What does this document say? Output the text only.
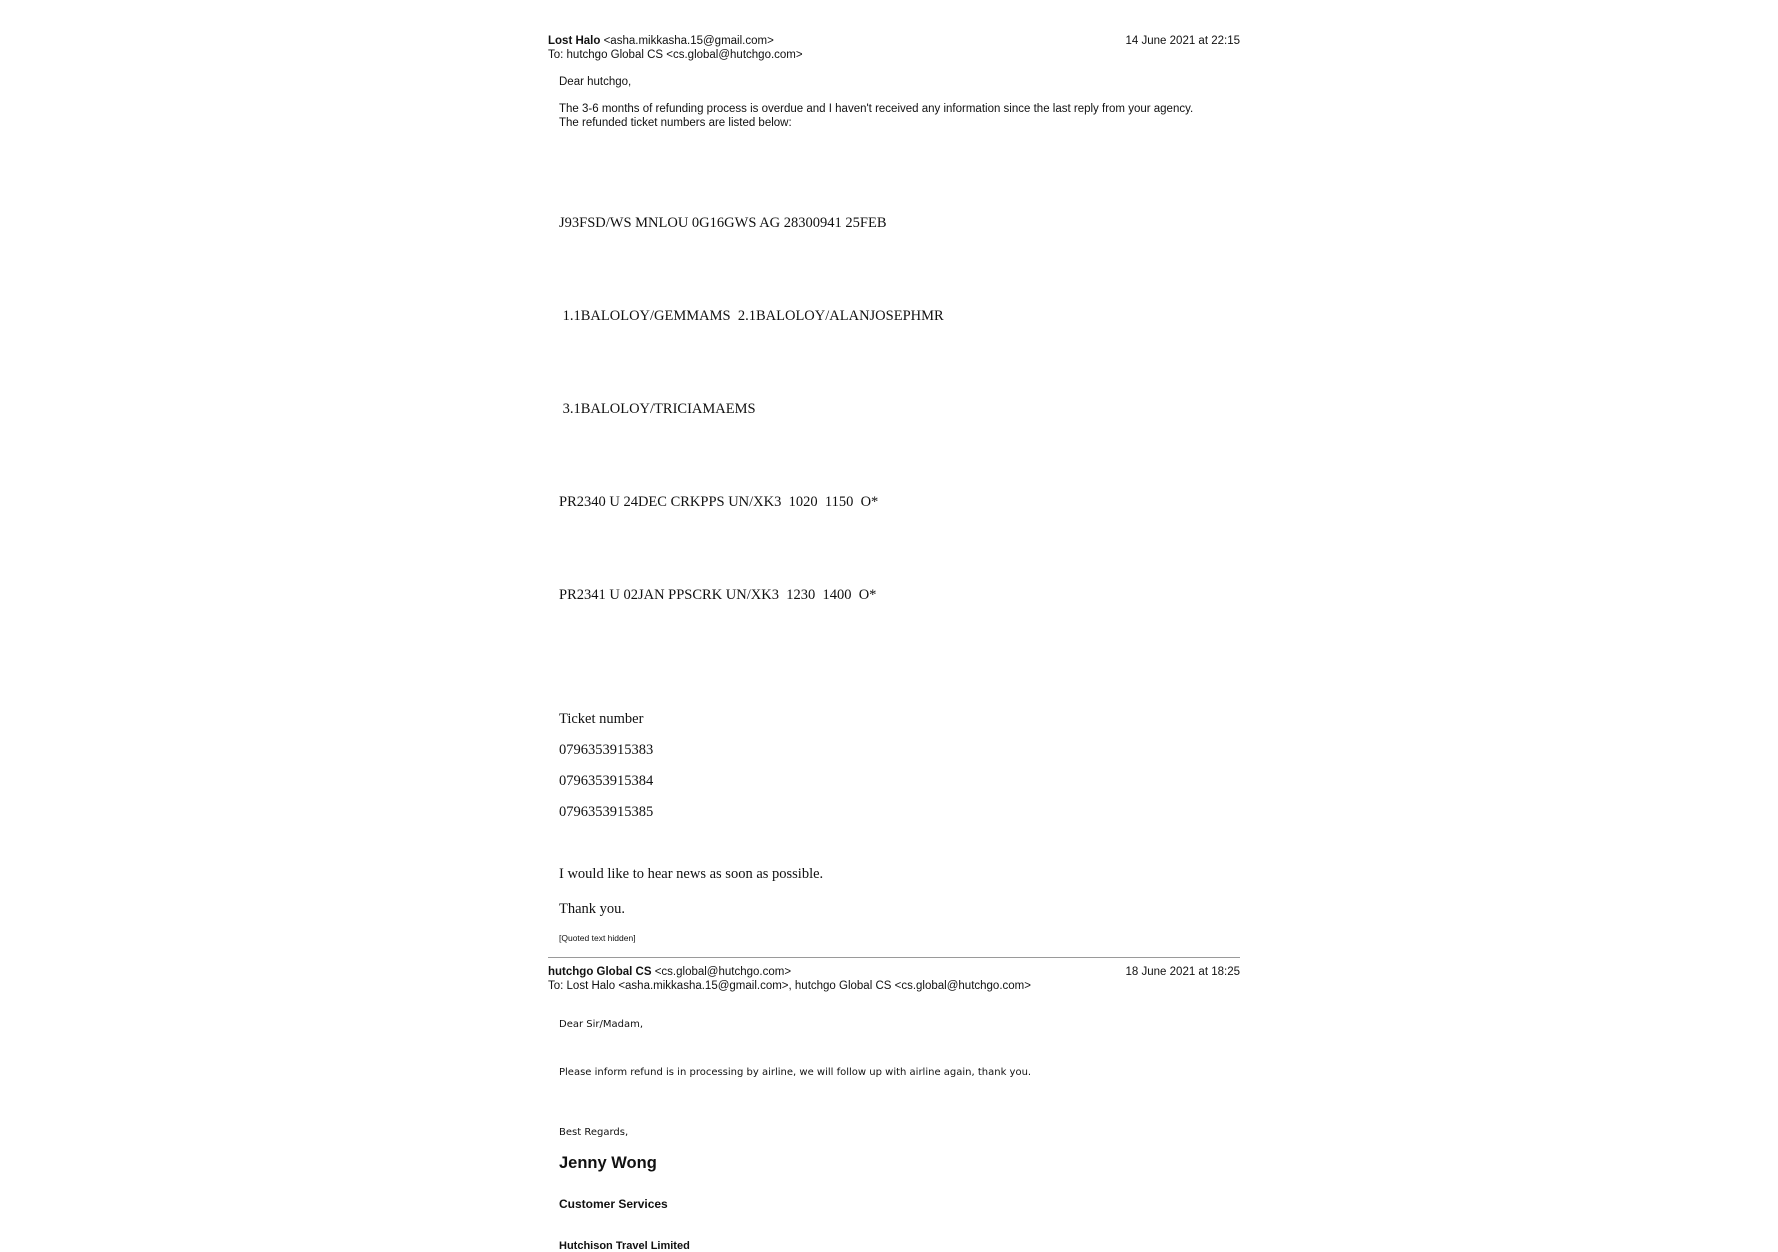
Lost Halo <asha.mikkasha.15@gmail.com>	14 June 2021 at 22:15
To: hutchgo Global CS <cs.global@hutchgo.com>
Dear hutchgo,
The 3-6 months of refunding process is overdue and I haven't received any information since the last reply from your agency.
The refunded ticket numbers are listed below:

J93FSD/WS MNLOU 0G16GWS AG 28300941 25FEB

1.1BALOLOY/GEMMAMS  2.1BALOLOY/ALANJOSEPHMR

3.1BALOLOY/TRICIAMAEMS

PR2340 U 24DEC CRKPPS UN/XK3  1020  1150  O*

PR2341 U 02JAN PPSCRK UN/XK3  1230  1400  O*

Ticket number

0796353915383

0796353915384

0796353915385

I would like to hear news as soon as possible.

Thank you.

[Quoted text hidden]
hutchgo Global CS <cs.global@hutchgo.com>	18 June 2021 at 18:25
To: Lost Halo <asha.mikkasha.15@gmail.com>, hutchgo Global CS <cs.global@hutchgo.com>
Dear Sir/Madam,
Please inform refund is in processing by airline, we will follow up with airline again, thank you.
Best Regards,
Jenny Wong
Customer Services
Hutchison Travel Limited
